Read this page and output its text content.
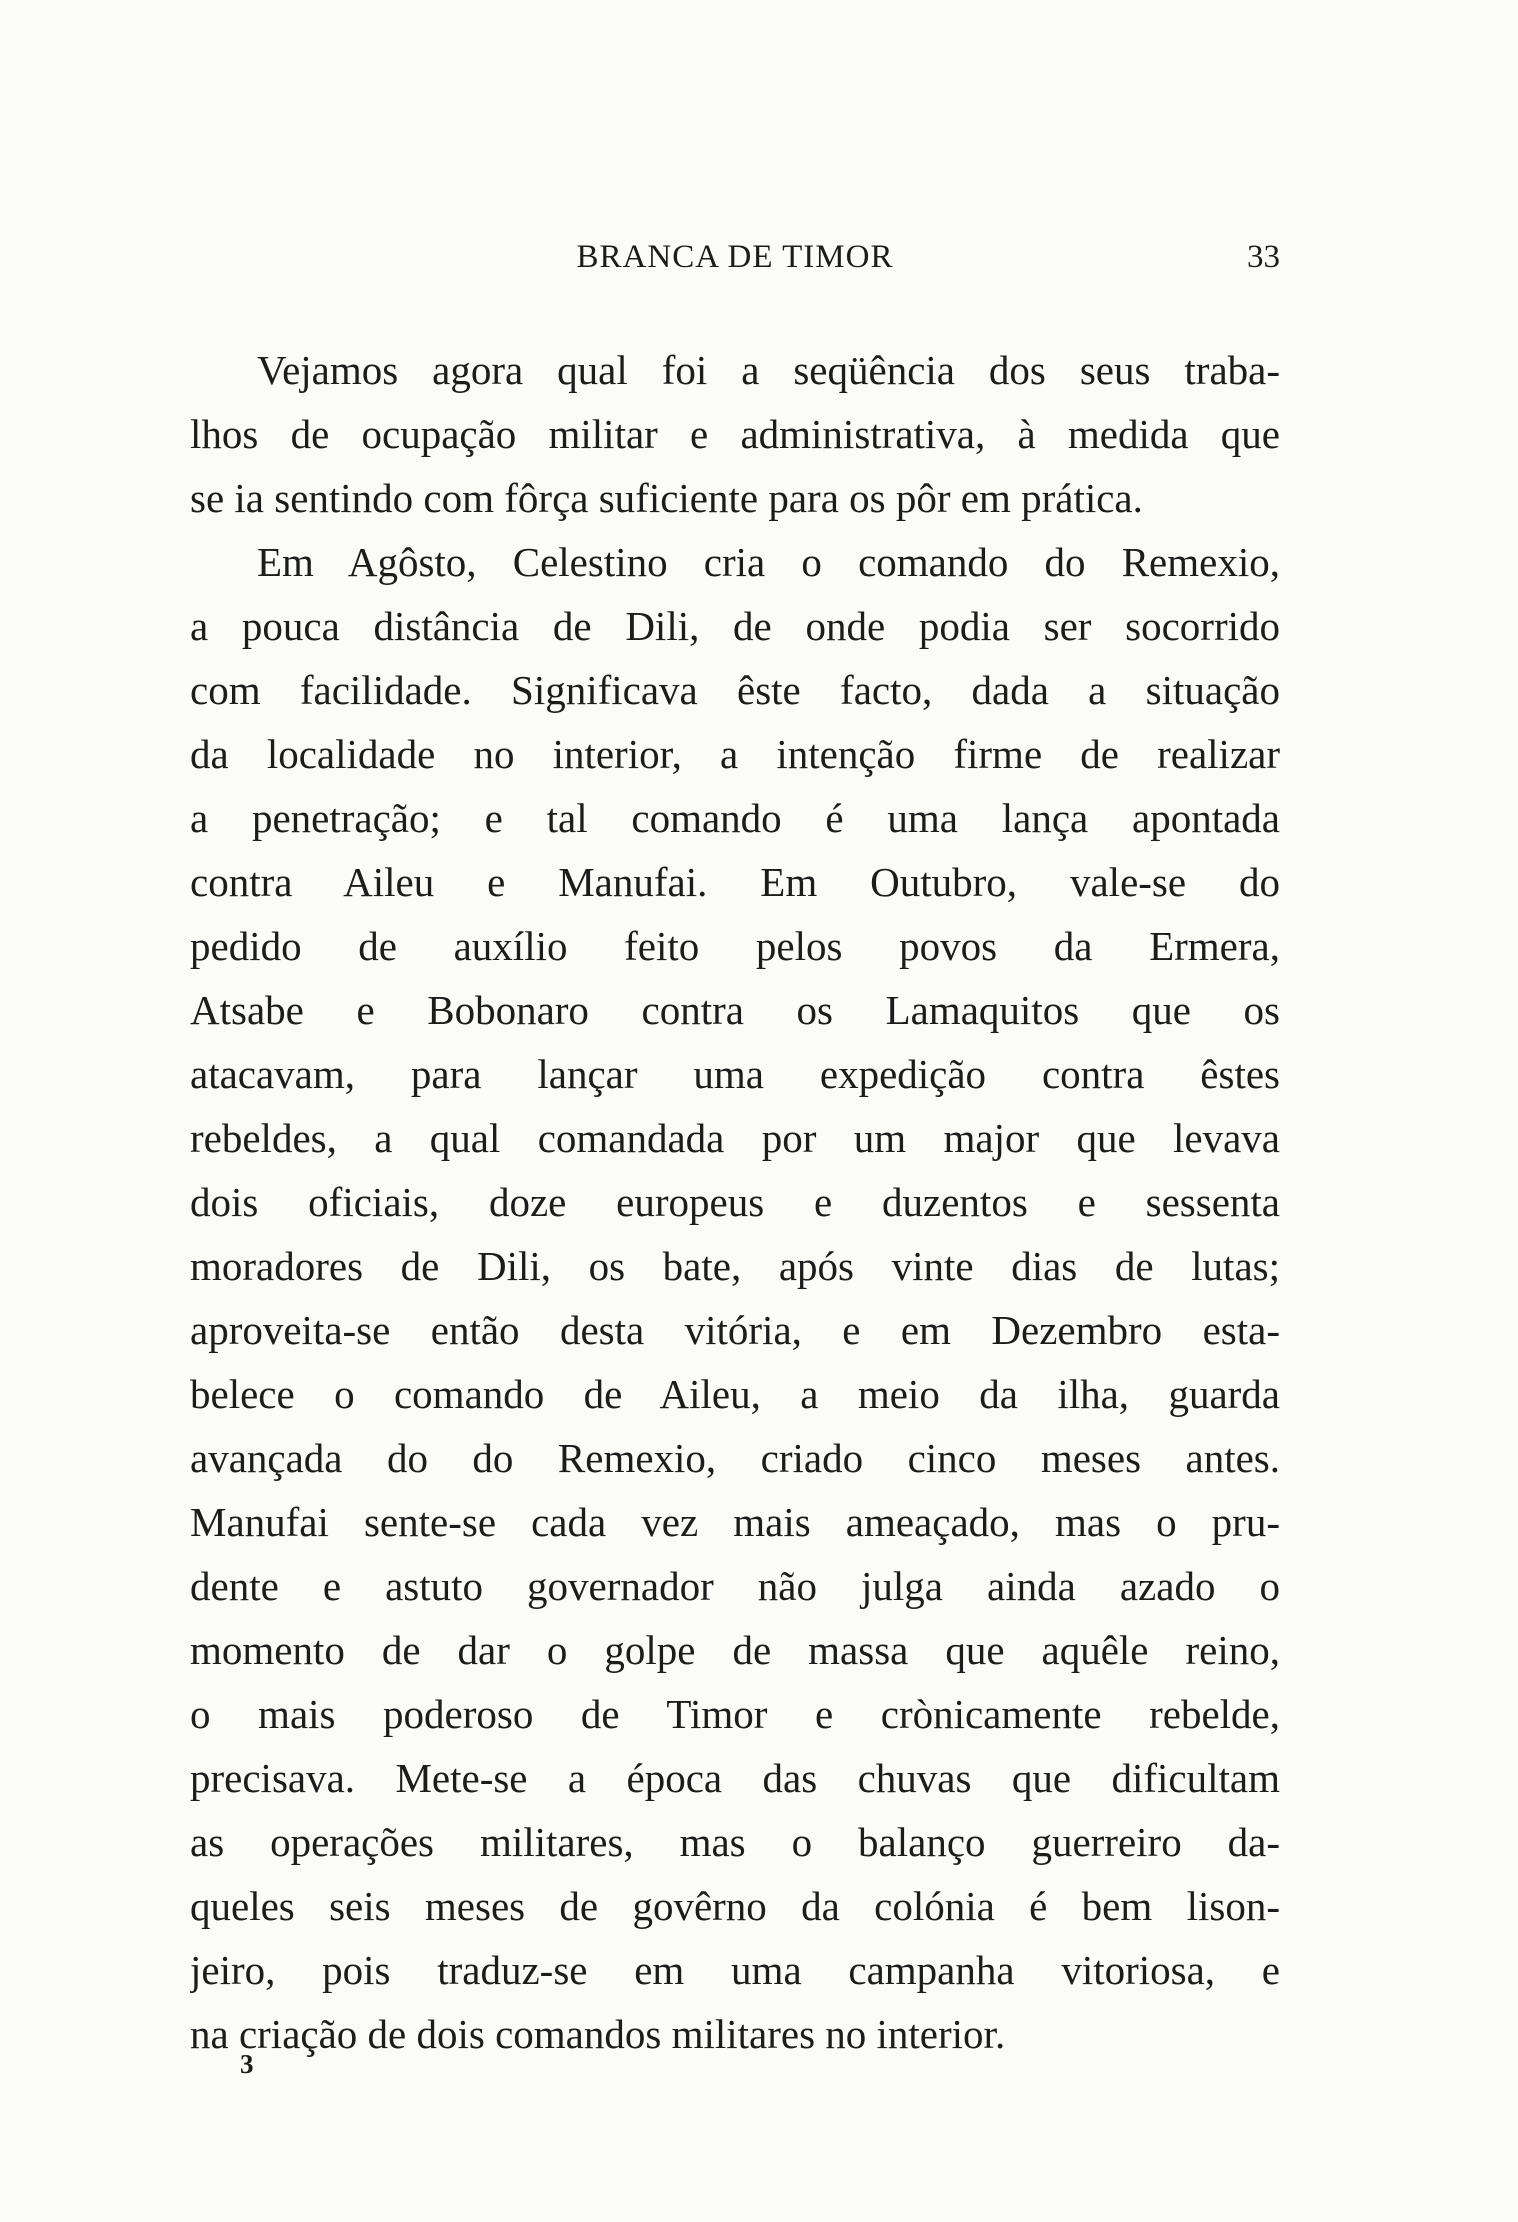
BRANCA DE TIMOR	33
Vejamos agora qual foi a seqüência dos seus traba-
lhos de ocupação militar e administrativa, à medida que
se ia sentindo com fôrça suficiente para os pôr em prática.
Em Agôsto, Celestino cria o comando do Remexio,
a pouca distância de Dili, de onde podia ser socorrido
com facilidade. Significava êste facto, dada a situação
da localidade no interior, a intenção firme de realizar
a penetração; e tal comando é uma lança apontada
contra Aileu e Manufai. Em Outubro, vale-se do
pedido de auxílio feito pelos povos da Ermera,
Atsabe e Bobonaro contra os Lamaquitos que os
atacavam, para lançar uma expedição contra êstes
rebeldes, a qual comandada por um major que levava
dois oficiais, doze europeus e duzentos e sessenta
moradores de Dili, os bate, após vinte dias de lutas;
aproveita-se então desta vitória, e em Dezembro esta-
belece o comando de Aileu, a meio da ilha, guarda
avançada do do Remexio, criado cinco meses antes.
Manufai sente-se cada vez mais ameaçado, mas o pru-
dente e astuto governador não julga ainda azado o
momento de dar o golpe de massa que aquêle reino,
o mais poderoso de Timor e crònicamente rebelde,
precisava. Mete-se a época das chuvas que dificultam
as operações militares, mas o balanço guerreiro da-
queles seis meses de govêrno da colónia é bem lison-
jeiro, pois traduz-se em uma campanha vitoriosa, e
na criação de dois comandos militares no interior.
3
